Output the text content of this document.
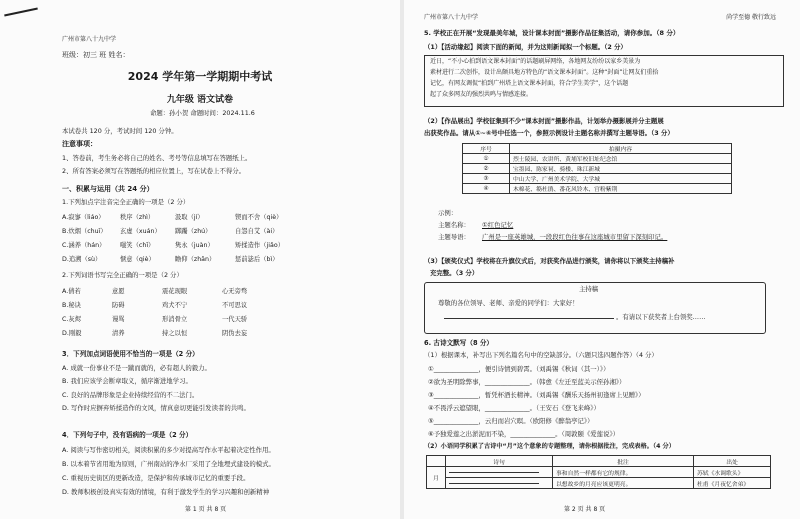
广州市第八十九中学
班级：初三 班 姓名：
2024 学年第一学期期中考试
九年级 语文试卷
命题：孙小贺 命题时间：2024.11.6
本试卷共 120 分，考试时间 120 分钟。
注意事项：
1、答卷前，考生务必将自己的姓名、考号等信息填写在答题纸上。
2、所有答案必须写在答题纸的相应位置上，写在试卷上不得分。
一、积累与运用（共 24 分）
1.下列加点字注音完全正确的一项是（2 分）
A.寂寥（liáo） 秩序（zhì）	汲取（jí）	锲而不舍（qiè）
B.炊烟（chuī） 玄虚（xuán） 踯躅（zhú）	自怨自艾（ài）
C.涵养（hán） 嗤笑（chī）	隽永（juàn）	矫揉造作（jiǎo）
D.追溯（sù）	惬意（qiè）	瞻仰（zhān）	惩前毖后（bì）
2.下列词语书写完全正确的一项是（2 分）
A.倩若	意愿	震花现眼	心无旁骛
B.秘诀	防碍	鸡犬不宁	不可思议
C.灰烬	谩骂	形消骨立	一代天骄
D.刚毅	清养	持之以恒	阴伪去妄
3．下列加点词语使用不恰当的一项是（2 分）
A. 成就一份事业不是一蹴而就的，必有超人的毅力。
B. 我们应该学会断章取义，循序渐进地学习。
C. 良好的品牌形象是企业持续经营的不二法门。
D. 写作时应摒弃矫揉造作的文风，情真意切更能引发读者的共鸣。
4．下列句子中，没有语病的一项是（2 分）
A. 阅读与写作密切相关，阅读积累的多少对提高写作水平起着决定性作用。
B. 以本着节省用地为原则，广州南站的净水厂采用了全地埋式建设的模式。
C. 重视历史街区的更新改造，是保护和传承城市记忆的重要手段。
D. 教师积极创设真实有效的情境，有利于激发学生的学习兴趣和创新精神
第 1 页 共 8 页
广州市第八十九中学	尚学至德 敬行致远
5. 学校正在开展“发现最美年城，设计课本封面”摄影作品征集活动，请你参加。（8 分）
（1）【活动缘起】阅读下面的新闻，并为这则新闻拟一个标题。（2 分）
近日，“不小心拍到语文课本封面”的话题刷屏网络，各地网友纷纷以家乡美景为
素材进行二次创作，设计出颇具地方特色的“语文课本封面”。这种“封面”让网友们重拾
记忆，有网友调侃“拍到广州塔上语文课本封面，符合学生美学”，这个话题
起了众多网友的强烈共鸣与情感连接。
（2）【作品展出】学校征集到不少“课本封面”摄影作品，计划举办摄影展并分主题展
出获奖作品。请从①~④号中任选一个，参照示例设计主题名称并撰写主题导语。（3 分）
序号	拍摄内容
①	烈士陵园、农讲所、黄埔军校旧址纪念馆
②	宝墨园、陈家祠、骑楼、珠江新城
③	中山大学、广州美术学院、大学城
④	木棉花、簕杜鹃、番花风铃木、宫粉紫荆
示例：
主题名称： ①红色记忆
主题导语： 广州是一座英雄城，一段段红色往事在这座城市里留下深刻印记。
（3）【颁奖仪式】学校将在升旗仪式后，对获奖作品进行颁奖，请你将以下颁奖主持稿补
充完整。（3 分）
主持稿
尊敬的各位领导、老师、亲爱的同学们：大家好！
。有请以下获奖者上台领奖……
6. 古诗文默写（8 分）
（1）根据课本，补写出下列名篇名句中的空缺部分。（六题只选四题作答）（4 分）
①______________，便引诗情到碧霄。（刘禹锡《秋词（其一）》）
②欲为圣明除弊事，______________。（韩愈《左迁至蓝关示侄孙湘》）
③______________，暂凭杯酒长精神。（刘禹锡《酬乐天扬州初逢席上见赠》）
④不畏浮云遮望眼，______________。（王安石《登飞来峰》）
⑤______________，云归而岩穴暝。（欧阳修《醉翁亭记》）
⑥予独爱莲之出淤泥而不染，______________。（周敦颐《爱莲说》）
（2）小语同学积累了古诗中“月”这个意象的专题整理，请你根据批注，完成表格。（4 分）
	诗句	批注	出处
月		事和自然一样都有它的规律。	苏轼《水调歌头》
		以想故乡的月亮应该更明亮。	杜甫《月夜忆舍弟》
第 2 页 共 8 页
